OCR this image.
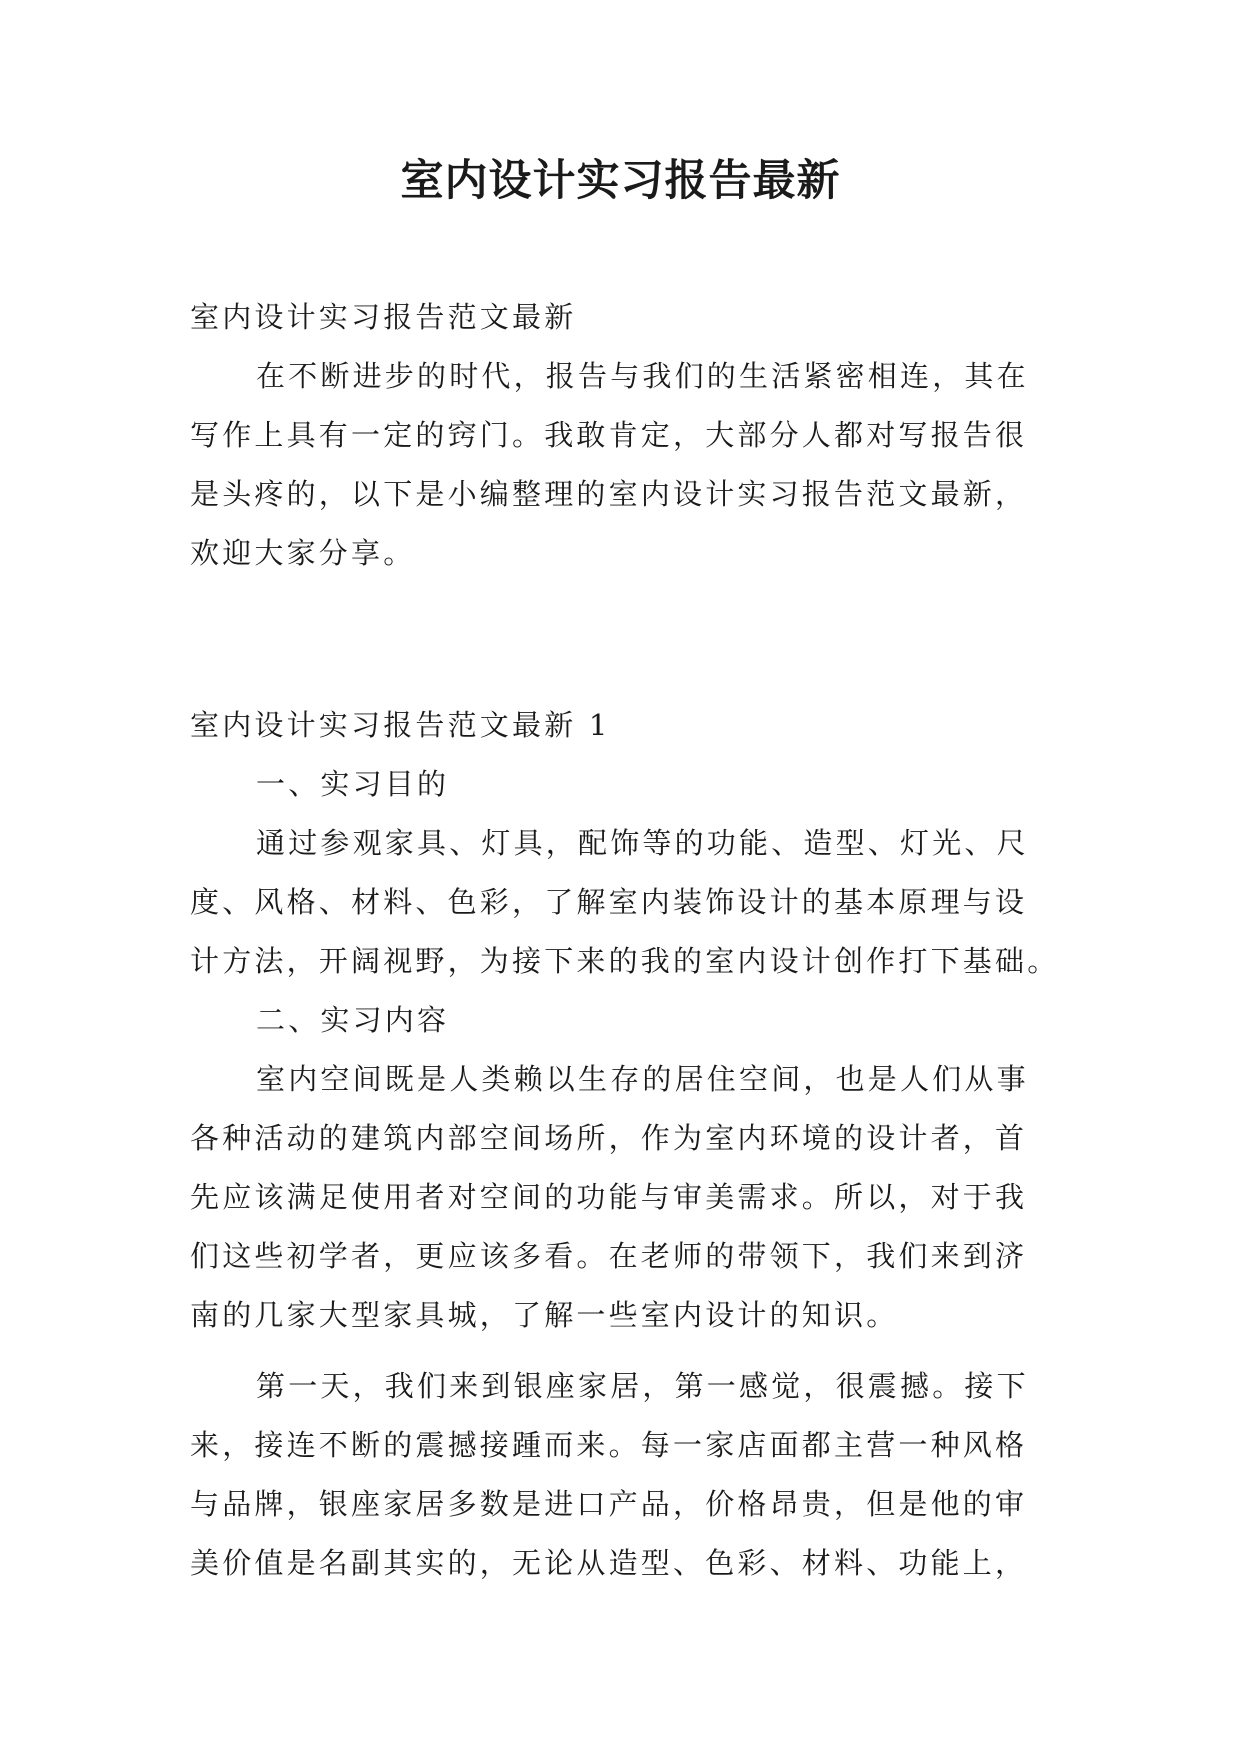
室内设计实习报告最新

室内设计实习报告范文最新

在不断进步的时代，报告与我们的生活紧密相连，其在
写作上具有一定的窍门。我敢肯定，大部分人都对写报告很
是头疼的，以下是小编整理的室内设计实习报告范文最新，
欢迎大家分享。

室内设计实习报告范文最新 1

一、实习目的

通过参观家具、灯具，配饰等的功能、造型、灯光、尺
度、风格、材料、色彩，了解室内装饰设计的基本原理与设
计方法，开阔视野，为接下来的我的室内设计创作打下基础。

二、实习内容

室内空间既是人类赖以生存的居住空间，也是人们从事
各种活动的建筑内部空间场所，作为室内环境的设计者，首
先应该满足使用者对空间的功能与审美需求。所以，对于我
们这些初学者，更应该多看。在老师的带领下，我们来到济
南的几家大型家具城，了解一些室内设计的知识。

第一天，我们来到银座家居，第一感觉，很震撼。接下
来，接连不断的震撼接踵而来。每一家店面都主营一种风格
与品牌，银座家居多数是进口产品，价格昂贵，但是他的审
美价值是名副其实的，无论从造型、色彩、材料、功能上，
